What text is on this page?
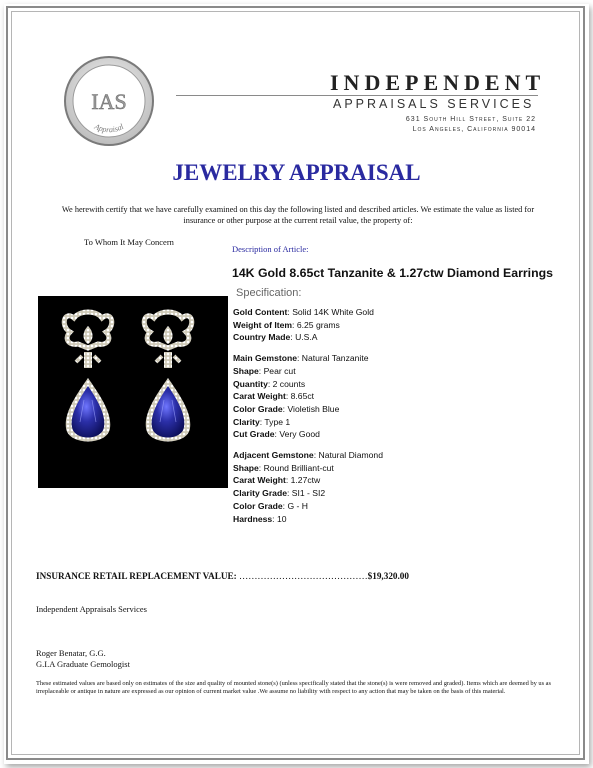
IAS
Appraisal
INDEPENDENT
APPRAISALS SERVICES
631 South Hill Street, Suite 22
Los Angeles, California 90014
JEWELRY APPRAISAL
We herewith certify that we have carefully examined on this day the following listed and described articles. We estimate the value as listed for insurance or other purpose at the current retail value, the property of:
To Whom It May Concern
Description of Article:
14K Gold 8.65ct Tanzanite & 1.27ctw Diamond Earrings
Specification:
Gold Content: Solid 14K White Gold
Weight of Item: 6.25 grams
Country Made: U.S.A
Main Gemstone: Natural Tanzanite
Shape: Pear cut
Quantity: 2 counts
Carat Weight: 8.65ct
Color Grade: Violetish Blue
Clarity: Type 1
Cut Grade: Very Good
Adjacent Gemstone: Natural Diamond
Shape: Round Brilliant-cut
Carat Weight: 1.27ctw
Clarity Grade: SI1 - SI2
Color Grade: G - H
Hardness: 10
INSURANCE RETAIL REPLACEMENT VALUE: ……………………………………$19,320.00
Independent Appraisals Services
Roger Benatar, G.G.
G.I.A Graduate Gemologist
These estimated values are based only on estimates of the size and quality of mounted stone(s) (unless specifically stated that the stone(s) is were removed and graded). Items which are deemed by us as irreplaceable or antique in nature are expressed as our opinion of current market value .We assume no liability with respect to any action that may be taken on the basis of this material.
